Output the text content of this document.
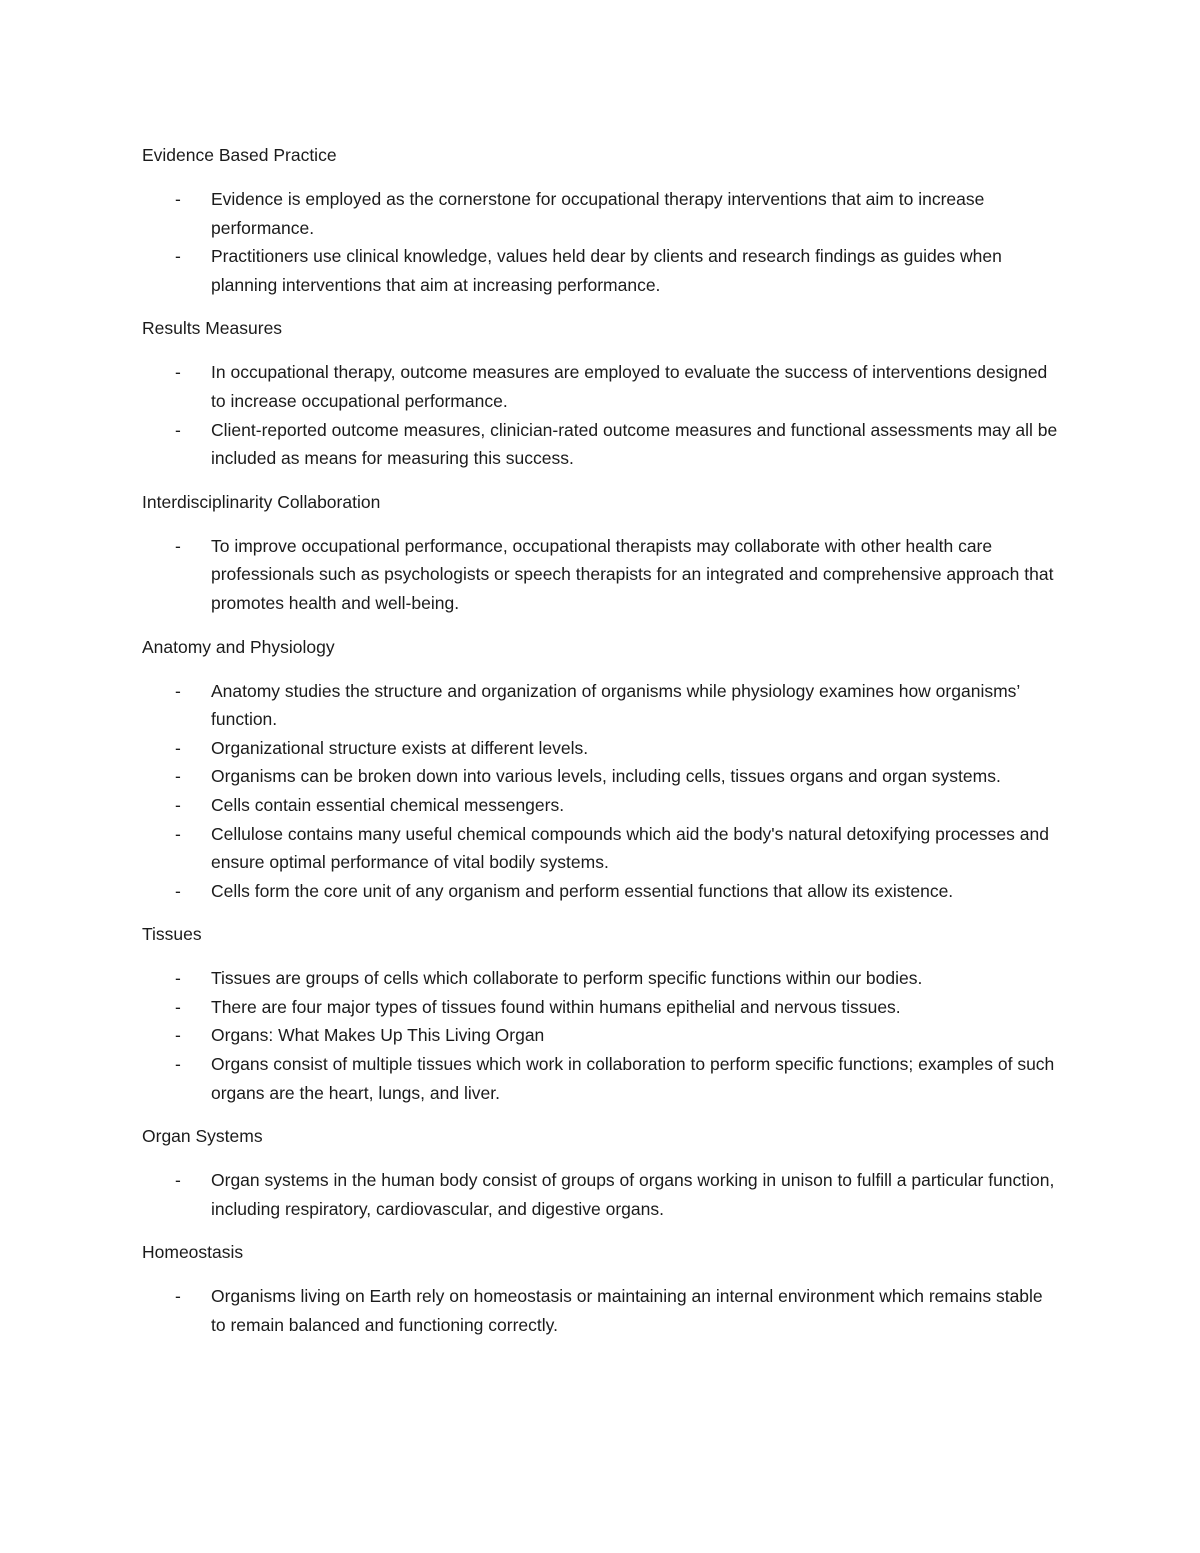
Evidence Based Practice

- Evidence is employed as the cornerstone for occupational therapy interventions that aim to increase performance.
- Practitioners use clinical knowledge, values held dear by clients and research findings as guides when planning interventions that aim at increasing performance.

Results Measures

- In occupational therapy, outcome measures are employed to evaluate the success of interventions designed to increase occupational performance.
- Client-reported outcome measures, clinician-rated outcome measures and functional assessments may all be included as means for measuring this success.

Interdisciplinarity Collaboration

- To improve occupational performance, occupational therapists may collaborate with other health care professionals such as psychologists or speech therapists for an integrated and comprehensive approach that promotes health and well-being.

Anatomy and Physiology

- Anatomy studies the structure and organization of organisms while physiology examines how organisms’ function.
- Organizational structure exists at different levels.
- Organisms can be broken down into various levels, including cells, tissues organs and organ systems.
- Cells contain essential chemical messengers.
- Cellulose contains many useful chemical compounds which aid the body's natural detoxifying processes and ensure optimal performance of vital bodily systems.
- Cells form the core unit of any organism and perform essential functions that allow its existence.

Tissues

- Tissues are groups of cells which collaborate to perform specific functions within our bodies.
- There are four major types of tissues found within humans epithelial and nervous tissues.
- Organs: What Makes Up This Living Organ
- Organs consist of multiple tissues which work in collaboration to perform specific functions; examples of such organs are the heart, lungs, and liver.

Organ Systems

- Organ systems in the human body consist of groups of organs working in unison to fulfill a particular function, including respiratory, cardiovascular, and digestive organs.

Homeostasis

- Organisms living on Earth rely on homeostasis or maintaining an internal environment which remains stable to remain balanced and functioning correctly.
